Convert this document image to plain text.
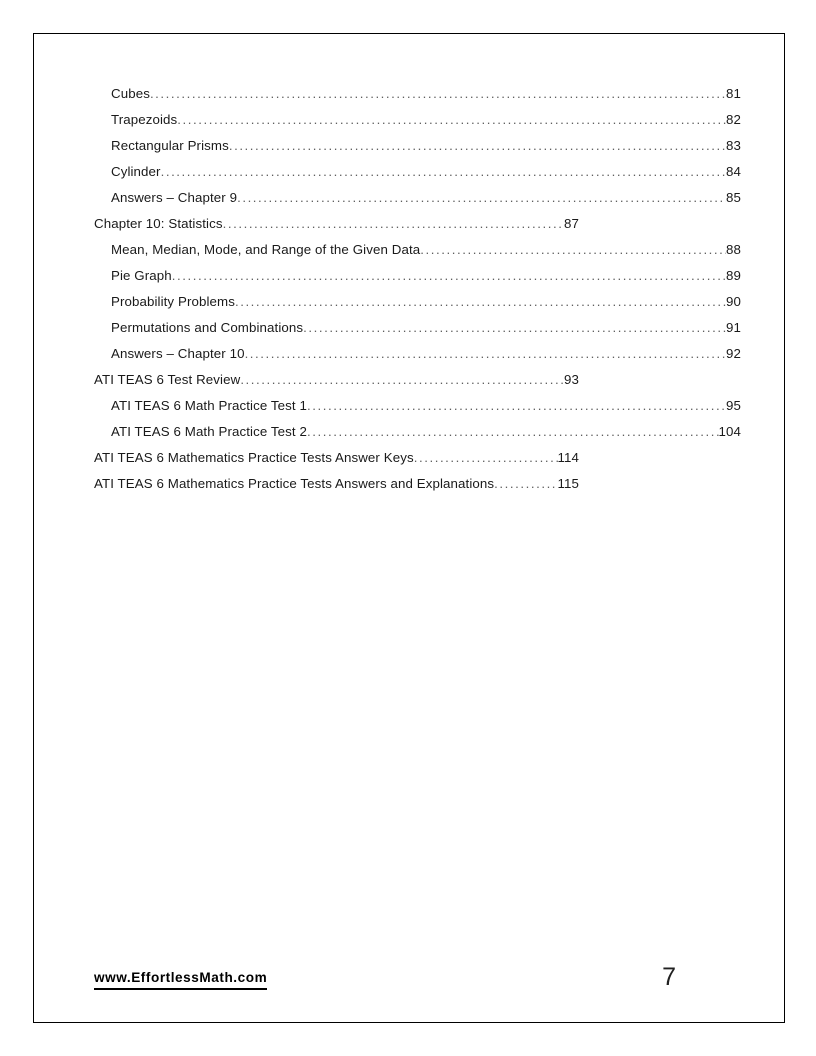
Cubes .....	81
Trapezoids .....	82
Rectangular Prisms .....	83
Cylinder .....	84
Answers – Chapter 9 .....	85
Chapter 10: Statistics .....	87
Mean, Median, Mode, and Range of the Given Data .....	88
Pie Graph .....	89
Probability Problems .....	90
Permutations and Combinations .....	91
Answers – Chapter 10 .....	92
ATI TEAS 6 Test Review .....	93
ATI TEAS 6 Math Practice Test 1 .....	95
ATI TEAS 6 Math Practice Test 2 .....	104
ATI TEAS 6 Mathematics Practice Tests Answer Keys .....	114
ATI TEAS 6 Mathematics Practice Tests Answers and Explanations .....	115
www.EffortlessMath.com	7
